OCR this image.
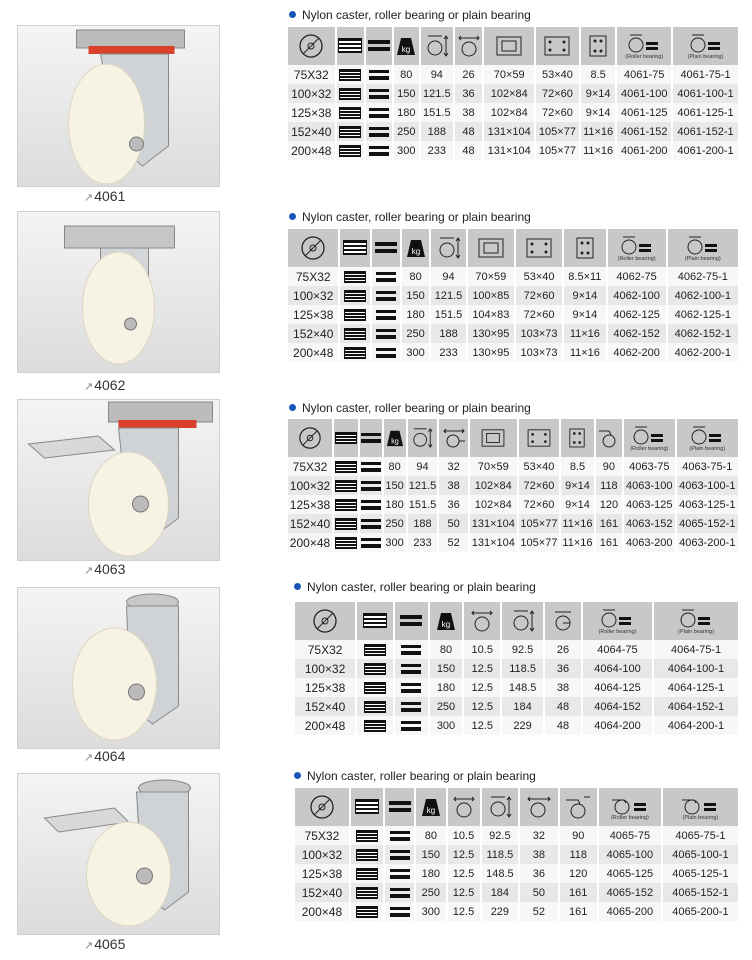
↗4061
Nylon caster, roller bearing or plain bearing

kg						(Roller bearing)	(Plain bearing)

75X32			80	94	26	70×59	53×40	8.5	4061-75	4061-75-1
100×32			150	121.5	36	102×84	72×60	9×14	4061-100	4061-100-1
125×38			180	151.5	38	102×84	72×60	9×14	4061-125	4061-125-1
152×40			250	188	48	131×104	105×77	11×16	4061-152	4061-152-1
200×48			300	233	48	131×104	105×77	11×16	4061-200	4061-200-1
↗4062
Nylon caster, roller bearing or plain bearing

kg					(Roller bearing)	(Plain bearing)

75X32			80	94	70×59	53×40	8.5×11	4062-75	4062-75-1
100×32			150	121.5	100×85	72×60	9×14	4062-100	4062-100-1
125×38			180	151.5	104×83	72×60	9×14	4062-125	4062-125-1
152×40			250	188	130×95	103×73	11×16	4062-152	4062-152-1
200×48			300	233	130×95	103×73	11×16	4062-200	4062-200-1
↗4063
Nylon caster, roller bearing or plain bearing

kg							(Roller bearing)	(Plain bearing)

75X32			80	94	32	70×59	53×40	8.5	90	4063-75	4063-75-1
100×32			150	121.5	38	102×84	72×60	9×14	118	4063-100	4063-100-1
125×38			180	151.5	36	102×84	72×60	9×14	120	4063-125	4063-125-1
152×40			250	188	50	131×104	105×77	11×16	161	4063-152	4065-152-1
200×48			300	233	52	131×104	105×77	11×16	161	4063-200	4063-200-1
↗4064
Nylon caster, roller bearing or plain bearing

kg				(Roller bearing)	(Plain bearing)

75X32			80	10.5	92.5	26	4064-75	4064-75-1
100×32			150	12.5	118.5	36	4064-100	4064-100-1
125×38			180	12.5	148.5	38	4064-125	4064-125-1
152×40			250	12.5	184	48	4064-152	4064-152-1
200×48			300	12.5	229	48	4064-200	4064-200-1
↗4065
Nylon caster, roller bearing or plain bearing

kg					(Roller bearing)	(Plain bearing)

75X32			80	10.5	92.5	32	90	4065-75	4065-75-1
100×32			150	12.5	118.5	38	118	4065-100	4065-100-1
125×38			180	12.5	148.5	36	120	4065-125	4065-125-1
152×40			250	12.5	184	50	161	4065-152	4065-152-1
200×48			300	12.5	229	52	161	4065-200	4065-200-1
